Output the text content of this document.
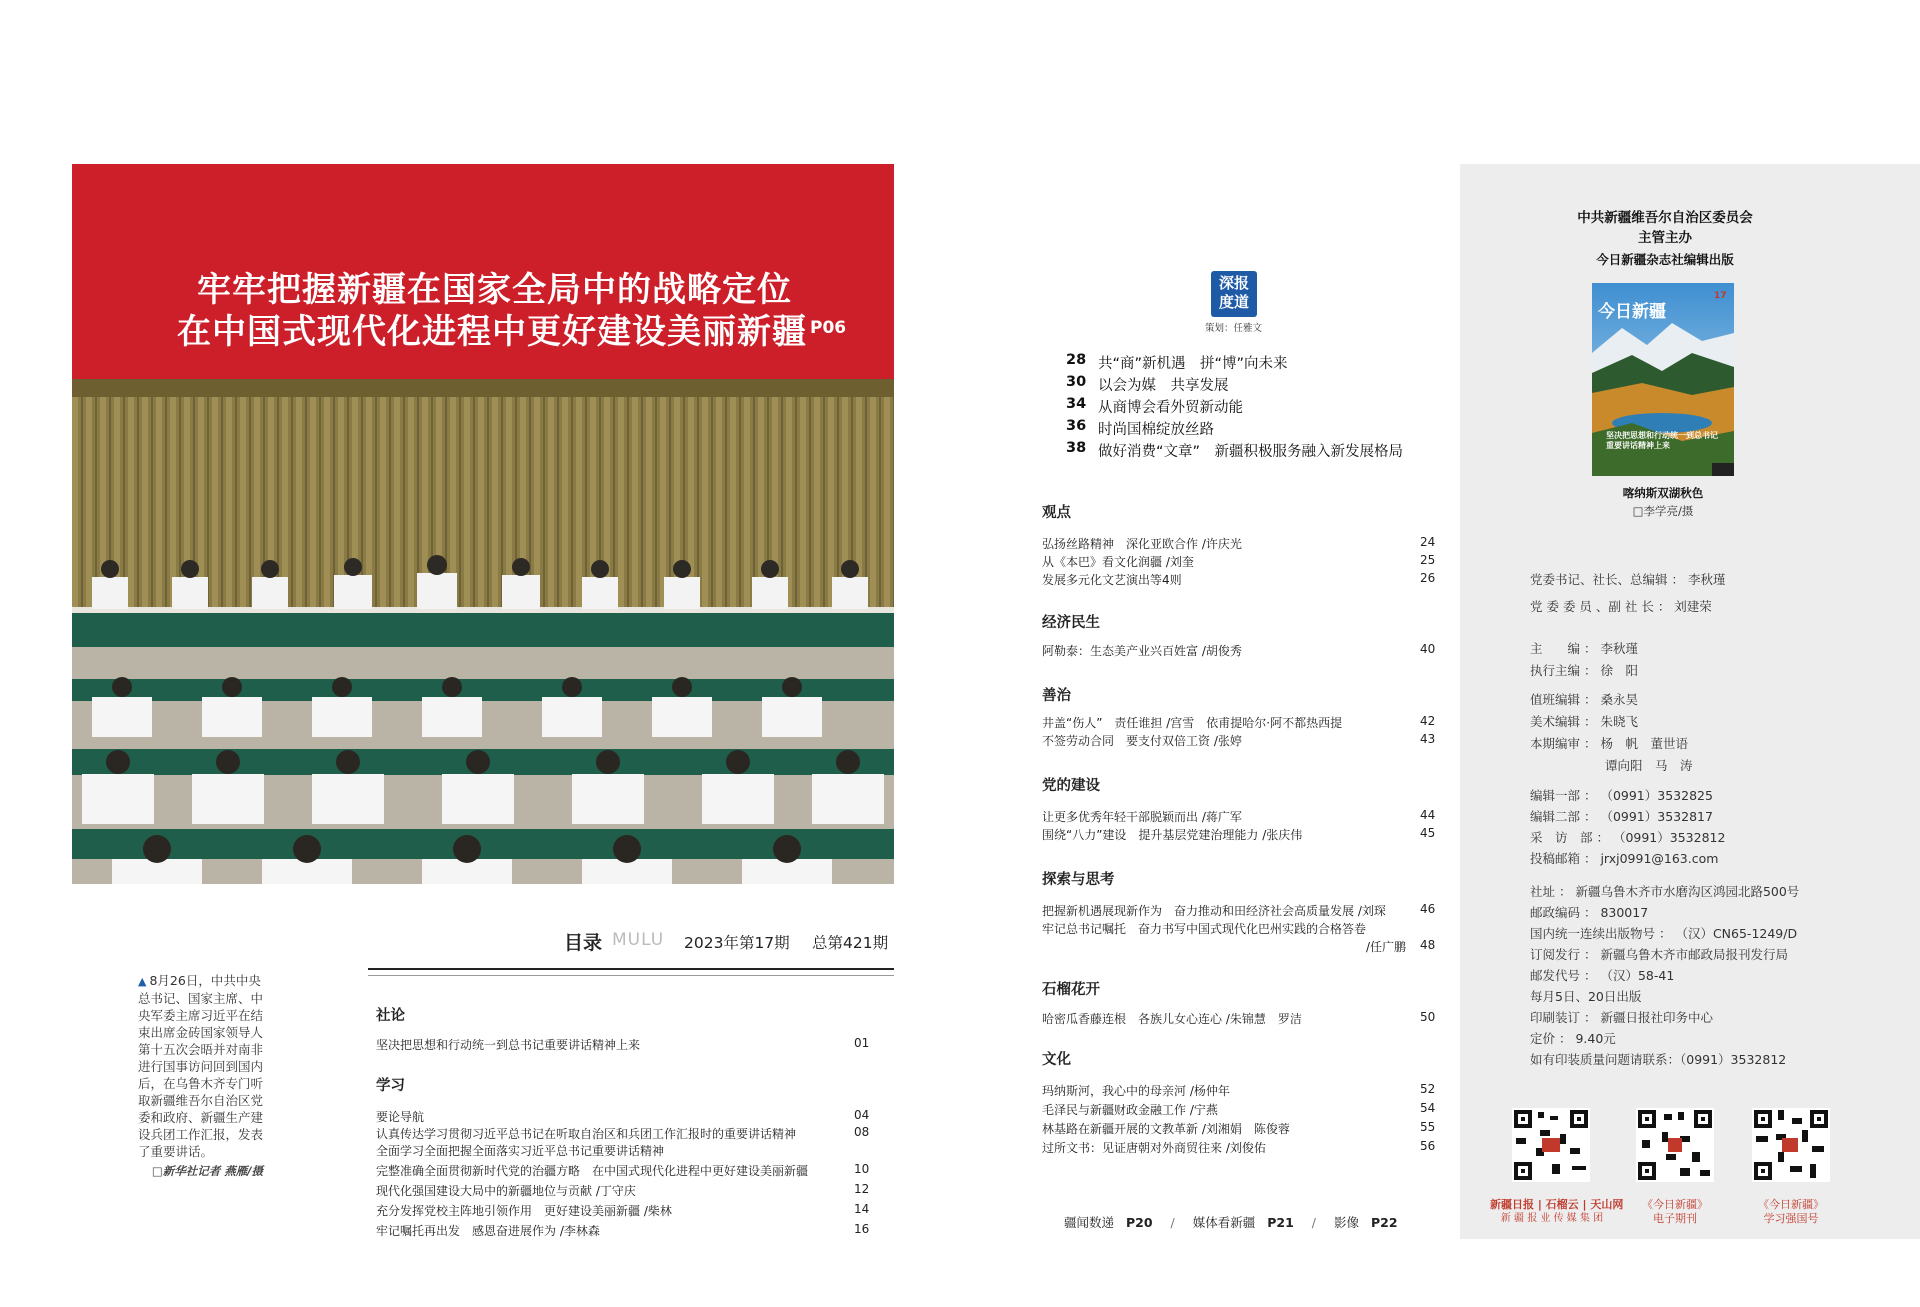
牢牢把握新疆在国家全局中的战略定位
在中国式现代化进程中更好建设美丽新疆 P06
▲ 8月26日，中共中央总书记、国家主席、中央军委主席习近平在结束出席金砖国家领导人第十五次会晤并对南非进行国事访问回到国内后，在乌鲁木齐专门听取新疆维吾尔自治区党委和政府、新疆生产建设兵团工作汇报，发表了重要讲话。
□新华社记者 燕雁/摄
目录 MULU 2023年第17期 总第421期
社论
坚决把思想和行动统一到总书记重要讲话精神上来	01
学习
要论导航	04
认真传达学习贯彻习近平总书记在听取自治区和兵团工作汇报时的重要讲话精神	08
全面学习全面把握全面落实习近平总书记重要讲话精神
完整准确全面贯彻新时代党的治疆方略　在中国式现代化进程中更好建设美丽新疆	10
现代化强国建设大局中的新疆地位与贡献 /丁守庆	12
充分发挥党校主阵地引领作用　更好建设美丽新疆 /柴林	14
牢记嘱托再出发　感恩奋进展作为 /李林森	16
深报度道
策划：任雅文
28 共“商”新机遇　拼“博”向未来
30 以会为媒　共享发展
34 从商博会看外贸新动能
36 时尚国棉绽放丝路
38 做好消费“文章”　新疆积极服务融入新发展格局
观点
弘扬丝路精神　深化亚欧合作 /许庆光	24
从《本巴》看文化润疆 /刘奎	25
发展多元化文艺演出等4则	26
经济民生
阿勒泰：生态美产业兴百姓富 /胡俊秀	40
善治
井盖“伤人”　责任谁担 /宫雪　依甫提哈尔·阿不都热西提	42
不签劳动合同　要支付双倍工资 /张婷	43
党的建设
让更多优秀年轻干部脱颖而出 /蒋广军	44
围绕“八力”建设　提升基层党建治理能力 /张庆伟	45
探索与思考
把握新机遇展现新作为　奋力推动和田经济社会高质量发展 /刘琛	46
牢记总书记嘱托　奋力书写中国式现代化巴州实践的合格答卷
/任广鹏 48
石榴花开
哈密瓜香藤连根　各族儿女心连心 /朱锦慧　罗洁	50
文化
玛纳斯河，我心中的母亲河 /杨仲年	52
毛泽民与新疆财政金融工作 /宁燕	54
林基路在新疆开展的文教革新 /刘湘娟　陈俊蓉	55
过所文书：见证唐朝对外商贸往来 /刘俊佑	56
疆闻数递 P20 / 媒体看新疆 P21 / 影像 P22
中共新疆维吾尔自治区委员会
主管主办
今日新疆杂志社编辑出版
今日新疆
17
坚决把思想和行动统一到总书记重要讲话精神上来
喀纳斯双湖秋色
□李学亮/摄
党委书记、社长、总编辑 ： 李秋瑾
党 委 委 员 、副 社 长 ： 刘建荣
主　　编 ： 李秋瑾
执行主编 ： 徐　阳
值班编辑 ： 桑永昊
美术编辑 ： 朱晓飞
本期编审 ： 杨　帆　董世语
　　　　　　谭向阳　马　涛
编辑一部 ： （0991）3532825
编辑二部 ： （0991）3532817
采　访　部 ： （0991）3532812
投稿邮箱 ： jrxj0991@163.com
社址 ： 新疆乌鲁木齐市水磨沟区鸿园北路500号
邮政编码 ： 830017
国内统一连续出版物号 ： （汉）CN65-1249/D
订阅发行 ： 新疆乌鲁木齐市邮政局报刊发行局
邮发代号 ： （汉）58-41
每月5日、20日出版
印刷装订 ： 新疆日报社印务中心
定价 ： 9.40元
如有印装质量问题请联系：（0991）3532812
新疆日报 | 石榴云 | 天山网
新 疆 报 业 传 媒 集 团
《今日新疆》
电子期刊
《今日新疆》
学习强国号
